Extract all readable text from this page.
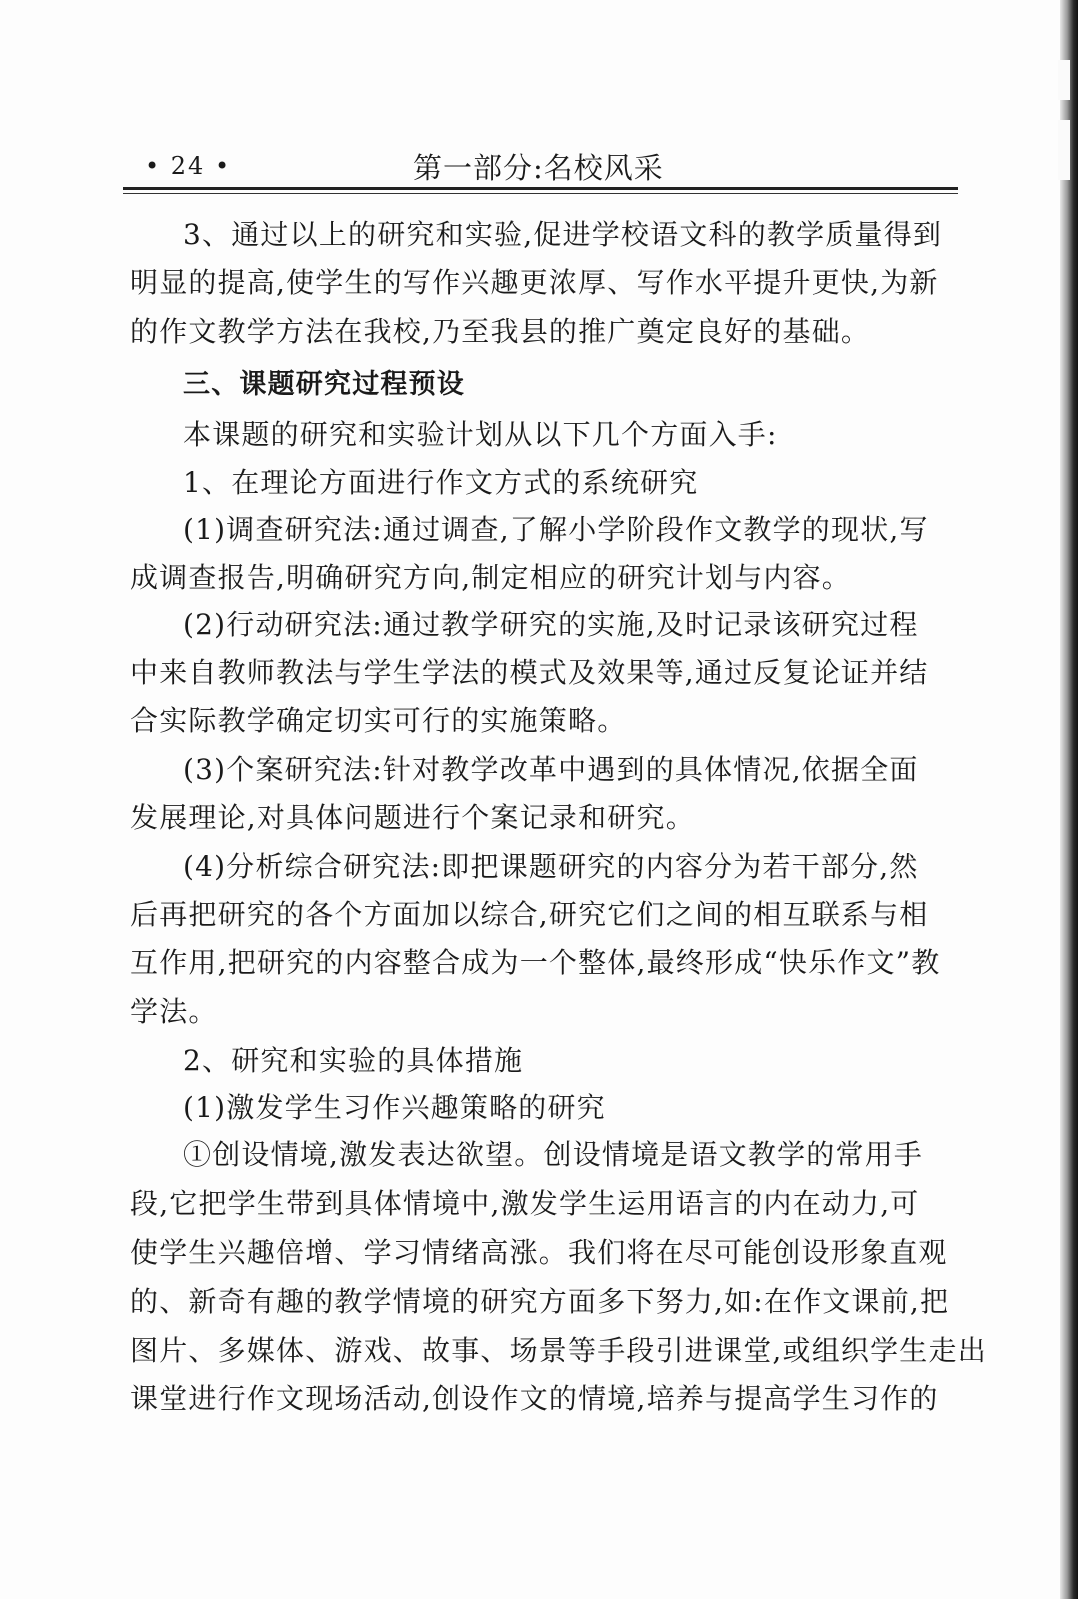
• 24 •	第一部分:名校风采
3、通过以上的研究和实验,促进学校语文科的教学质量得到
明显的提高,使学生的写作兴趣更浓厚、写作水平提升更快,为新
的作文教学方法在我校,乃至我县的推广奠定良好的基础。
三、课题研究过程预设
本课题的研究和实验计划从以下几个方面入手:
1、在理论方面进行作文方式的系统研究
(1)调查研究法:通过调查,了解小学阶段作文教学的现状,写
成调查报告,明确研究方向,制定相应的研究计划与内容。
(2)行动研究法:通过教学研究的实施,及时记录该研究过程
中来自教师教法与学生学法的模式及效果等,通过反复论证并结
合实际教学确定切实可行的实施策略。
(3)个案研究法:针对教学改革中遇到的具体情况,依据全面
发展理论,对具体问题进行个案记录和研究。
(4)分析综合研究法:即把课题研究的内容分为若干部分,然
后再把研究的各个方面加以综合,研究它们之间的相互联系与相
互作用,把研究的内容整合成为一个整体,最终形成“快乐作文”教
学法。
2、研究和实验的具体措施
(1)激发学生习作兴趣策略的研究
①创设情境,激发表达欲望。创设情境是语文教学的常用手
段,它把学生带到具体情境中,激发学生运用语言的内在动力,可
使学生兴趣倍增、学习情绪高涨。我们将在尽可能创设形象直观
的、新奇有趣的教学情境的研究方面多下努力,如:在作文课前,把
图片、多媒体、游戏、故事、场景等手段引进课堂,或组织学生走出
课堂进行作文现场活动,创设作文的情境,培养与提高学生习作的
